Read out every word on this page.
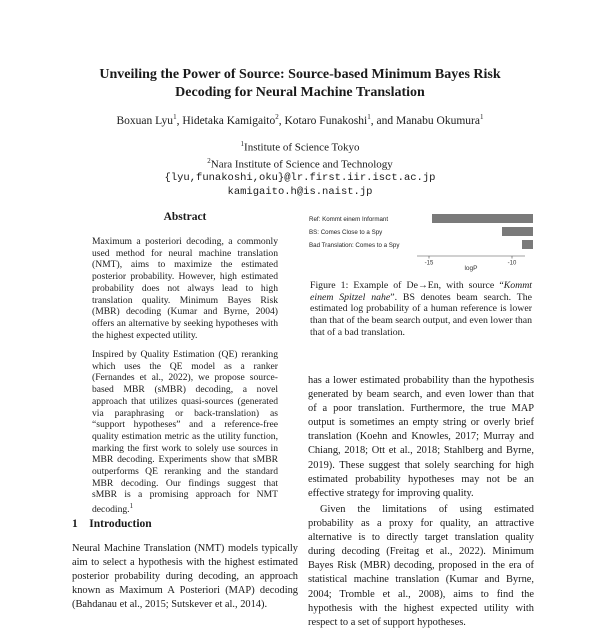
Unveiling the Power of Source: Source-based Minimum Bayes Risk
Decoding for Neural Machine Translation
Boxuan Lyu$^1$, Hidetaka Kamigaito$^2$, Kotaro Funakoshi$^1$, and Manabu Okumura$^1$
$^1$Institute of Science Tokyo
$^2$Nara Institute of Science and Technology
{lyu,funakoshi,oku}@lr.first.iir.isct.ac.jp
kamigaito.h@is.naist.jp
Abstract

Maximum a posteriori decoding, a commonly used method for neural machine translation (NMT), aims to maximize the estimated posterior probability. However, high estimated probability does not always lead to high translation quality. Minimum Bayes Risk (MBR) decoding (Kumar and Byrne, 2004) offers an alternative by seeking hypotheses with the highest expected utility.

Inspired by Quality Estimation (QE) reranking which uses the QE model as a ranker (Fernandes et al., 2022), we propose source-based MBR (sMBR) decoding, a novel approach that utilizes quasi-sources (generated via paraphrasing or back-translation) as “support hypotheses” and a reference-free quality estimation metric as the utility function, marking the first work to solely use sources in MBR decoding. Experiments show that sMBR outperforms QE reranking and the standard MBR decoding. Our findings suggest that sMBR is a promising approach for NMT decoding.$^1$

1 Introduction

Neural Machine Translation (NMT) models typically aim to select a hypothesis with the highest estimated posterior probability during decoding, an approach known as Maximum A Posteriori (MAP) decoding (Bahdanau et al., 2015; Sutskever et al., 2014).

Ref: Kommt einem Informant
BS: Comes Close to a Spy
Bad Translation: Comes to a Spy
-15	-10
logP

Figure 1: Example of De→En, with source “Kommt einem Spitzel nahe”. BS denotes beam search. The estimated log probability of a human reference is lower than that of the beam search output, and even lower than that of a bad translation.

has a lower estimated probability than the hypothesis generated by beam search, and even lower than that of a poor translation. Furthermore, the true MAP output is sometimes an empty string or overly brief translation (Koehn and Knowles, 2017; Murray and Chiang, 2018; Ott et al., 2018; Stahlberg and Byrne, 2019). These suggest that solely searching for high estimated probability hypotheses may not be an effective strategy for improving quality.

Given the limitations of using estimated probability as a proxy for quality, an attractive alternative is to directly target translation quality during decoding (Freitag et al., 2022). Minimum Bayes Risk (MBR) decoding, proposed in the era of statistical machine translation (Kumar and Byrne, 2004; Tromble et al., 2008), aims to find the hypothesis with the highest expected utility with respect to a set of support hypotheses.
